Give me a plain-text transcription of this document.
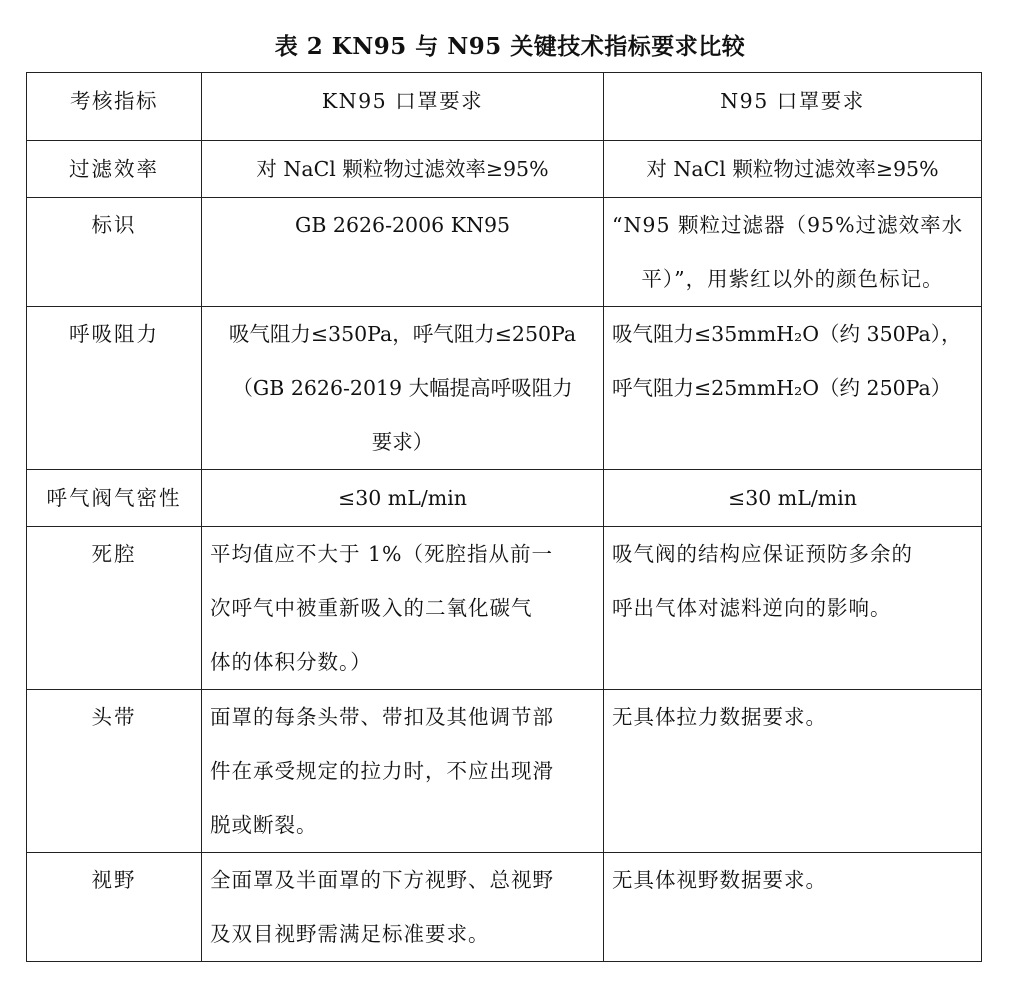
表 2 KN95 与 N95 关键技术指标要求比较
考核指标	KN95 口罩要求	N95 口罩要求
过滤效率	对 NaCl 颗粒物过滤效率≥95%	对 NaCl 颗粒物过滤效率≥95%
标识	GB 2626-2006 KN95	“N95 颗粒过滤器（95%过滤效率水
平）”，用紫红以外的颜色标记。

呼吸阻力	吸气阻力≤350Pa，呼气阻力≤250Pa
（GB 2626-2019 大幅提高呼吸阻力
要求）	吸气阻力≤35mmH₂O（约 350Pa），
呼气阻力≤25mmH₂O（约 250Pa）

呼气阀气密性	≤30 mL/min	≤30 mL/min
死腔	平均值应不大于 1%（死腔指从前一
次呼气中被重新吸入的二氧化碳气
体的体积分数。）	吸气阀的结构应保证预防多余的
呼出气体对滤料逆向的影响。

头带	面罩的每条头带、带扣及其他调节部
件在承受规定的拉力时，不应出现滑
脱或断裂。	无具体拉力数据要求。
视野	全面罩及半面罩的下方视野、总视野
及双目视野需满足标准要求。	无具体视野数据要求。
